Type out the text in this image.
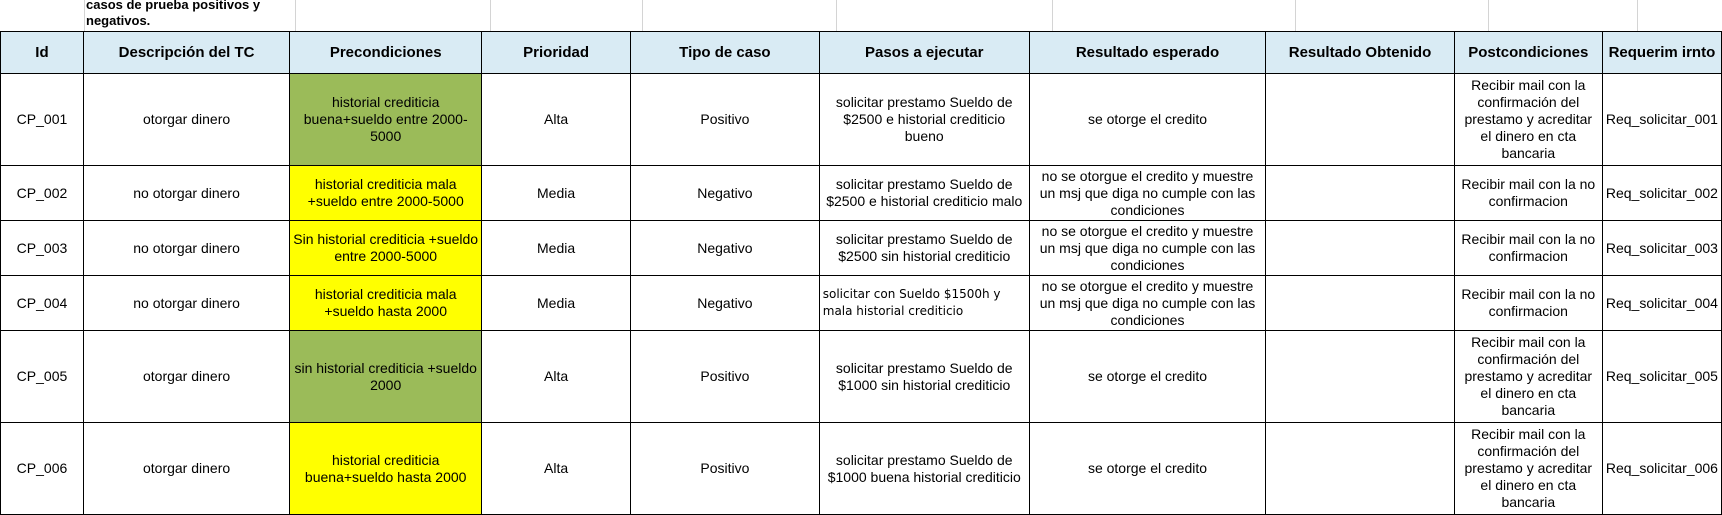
casos de prueba positivos y negativos.
Id	Descripción del TC	Precondiciones	Prioridad	Tipo de caso	Pasos a ejecutar	Resultado esperado	Resultado Obtenido	Postcondiciones	Requerim irnto
CP_001	otorgar dinero	historial crediticia buena+sueldo entre 2000-5000	Alta	Positivo	solicitar prestamo Sueldo de $2500 e historial crediticio bueno	se otorge el credito		Recibir mail con la confirmación del prestamo y acreditar el dinero en cta bancaria	Req_solicitar_001
CP_002	no otorgar dinero	historial crediticia mala +sueldo entre 2000-5000	Media	Negativo	solicitar prestamo Sueldo de $2500 e historial crediticio malo	no se otorgue el credito y muestre un msj que diga no cumple con las condiciones		Recibir mail con la no confirmacion	Req_solicitar_002
CP_003	no otorgar dinero	Sin historial crediticia +sueldo entre 2000-5000	Media	Negativo	solicitar prestamo Sueldo de $2500 sin historial crediticio	no se otorgue el credito y muestre un msj que diga no cumple con las condiciones		Recibir mail con la no confirmacion	Req_solicitar_003
CP_004	no otorgar dinero	historial crediticia mala +sueldo hasta 2000	Media	Negativo	solicitar con Sueldo $1500h y mala historial crediticio	no se otorgue el credito y muestre un msj que diga no cumple con las condiciones		Recibir mail con la no confirmacion	Req_solicitar_004
CP_005	otorgar dinero	sin historial crediticia +sueldo 2000	Alta	Positivo	solicitar prestamo Sueldo de $1000 sin historial crediticio	se otorge el credito		Recibir mail con la confirmación del prestamo y acreditar el dinero en cta bancaria	Req_solicitar_005
CP_006	otorgar dinero	historial crediticia buena+sueldo hasta 2000	Alta	Positivo	solicitar prestamo Sueldo de $1000 buena historial crediticio	se otorge el credito		Recibir mail con la confirmación del prestamo y acreditar el dinero en cta bancaria	Req_solicitar_006
